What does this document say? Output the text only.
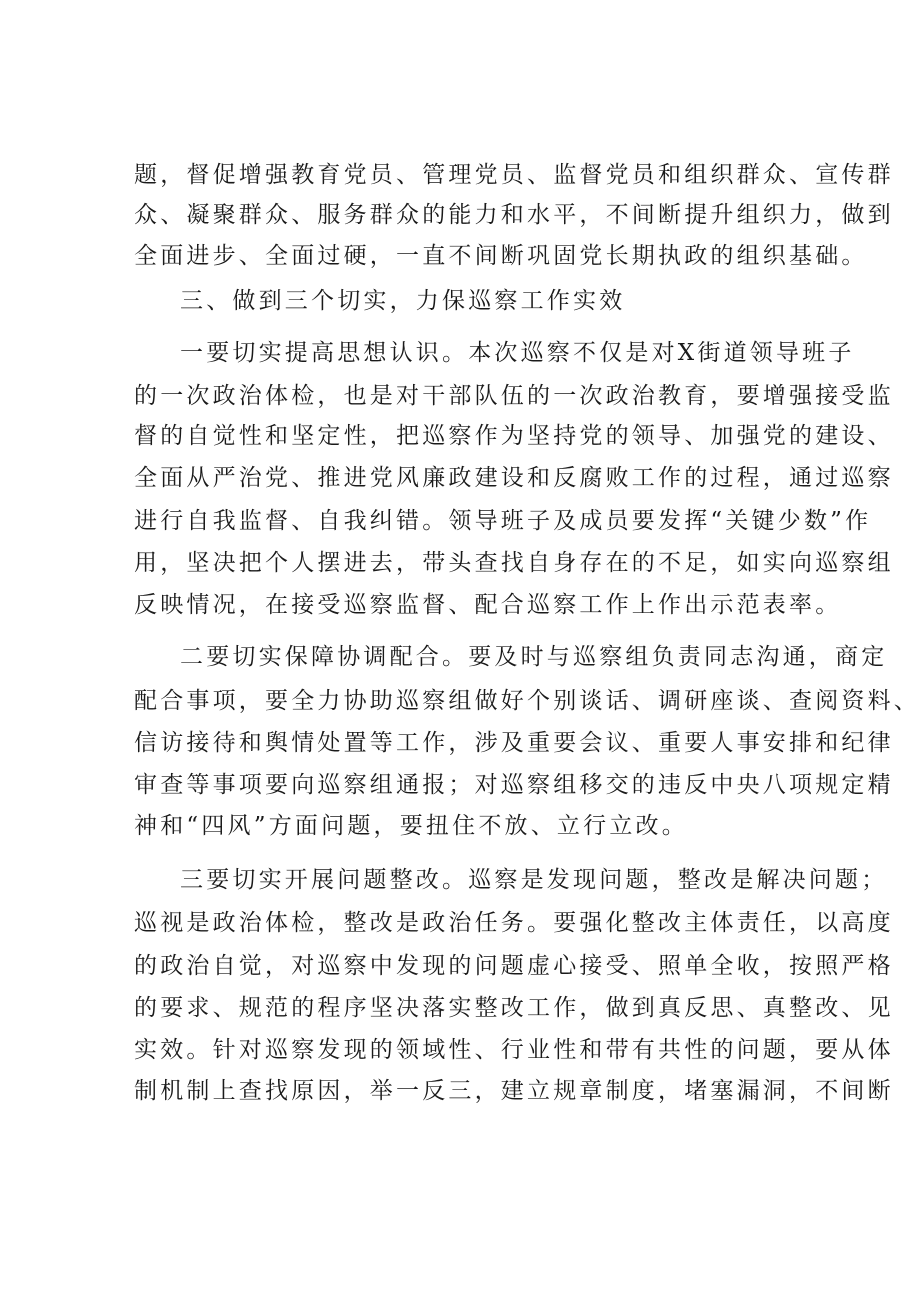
题，督促增强教育党员、管理党员、监督党员和组织群众、宣传群
众、凝聚群众、服务群众的能力和水平，不间断提升组织力，做到
全面进步、全面过硬，一直不间断巩固党长期执政的组织基础。
三、做到三个切实，力保巡察工作实效
一要切实提高思想认识。本次巡察不仅是对X街道领导班子
的一次政治体检，也是对干部队伍的一次政治教育，要增强接受监
督的自觉性和坚定性，把巡察作为坚持党的领导、加强党的建设、
全面从严治党、推进党风廉政建设和反腐败工作的过程，通过巡察
进行自我监督、自我纠错。领导班子及成员要发挥“关键少数”作
用，坚决把个人摆进去，带头查找自身存在的不足，如实向巡察组
反映情况，在接受巡察监督、配合巡察工作上作出示范表率。
二要切实保障协调配合。要及时与巡察组负责同志沟通，商定
配合事项，要全力协助巡察组做好个别谈话、调研座谈、查阅资料、
信访接待和舆情处置等工作，涉及重要会议、重要人事安排和纪律
审查等事项要向巡察组通报；对巡察组移交的违反中央八项规定精
神和“四风”方面问题，要扭住不放、立行立改。
三要切实开展问题整改。巡察是发现问题，整改是解决问题；
巡视是政治体检，整改是政治任务。要强化整改主体责任，以高度
的政治自觉，对巡察中发现的问题虚心接受、照单全收，按照严格
的要求、规范的程序坚决落实整改工作，做到真反思、真整改、见
实效。针对巡察发现的领域性、行业性和带有共性的问题，要从体
制机制上查找原因，举一反三，建立规章制度，堵塞漏洞，不间断
